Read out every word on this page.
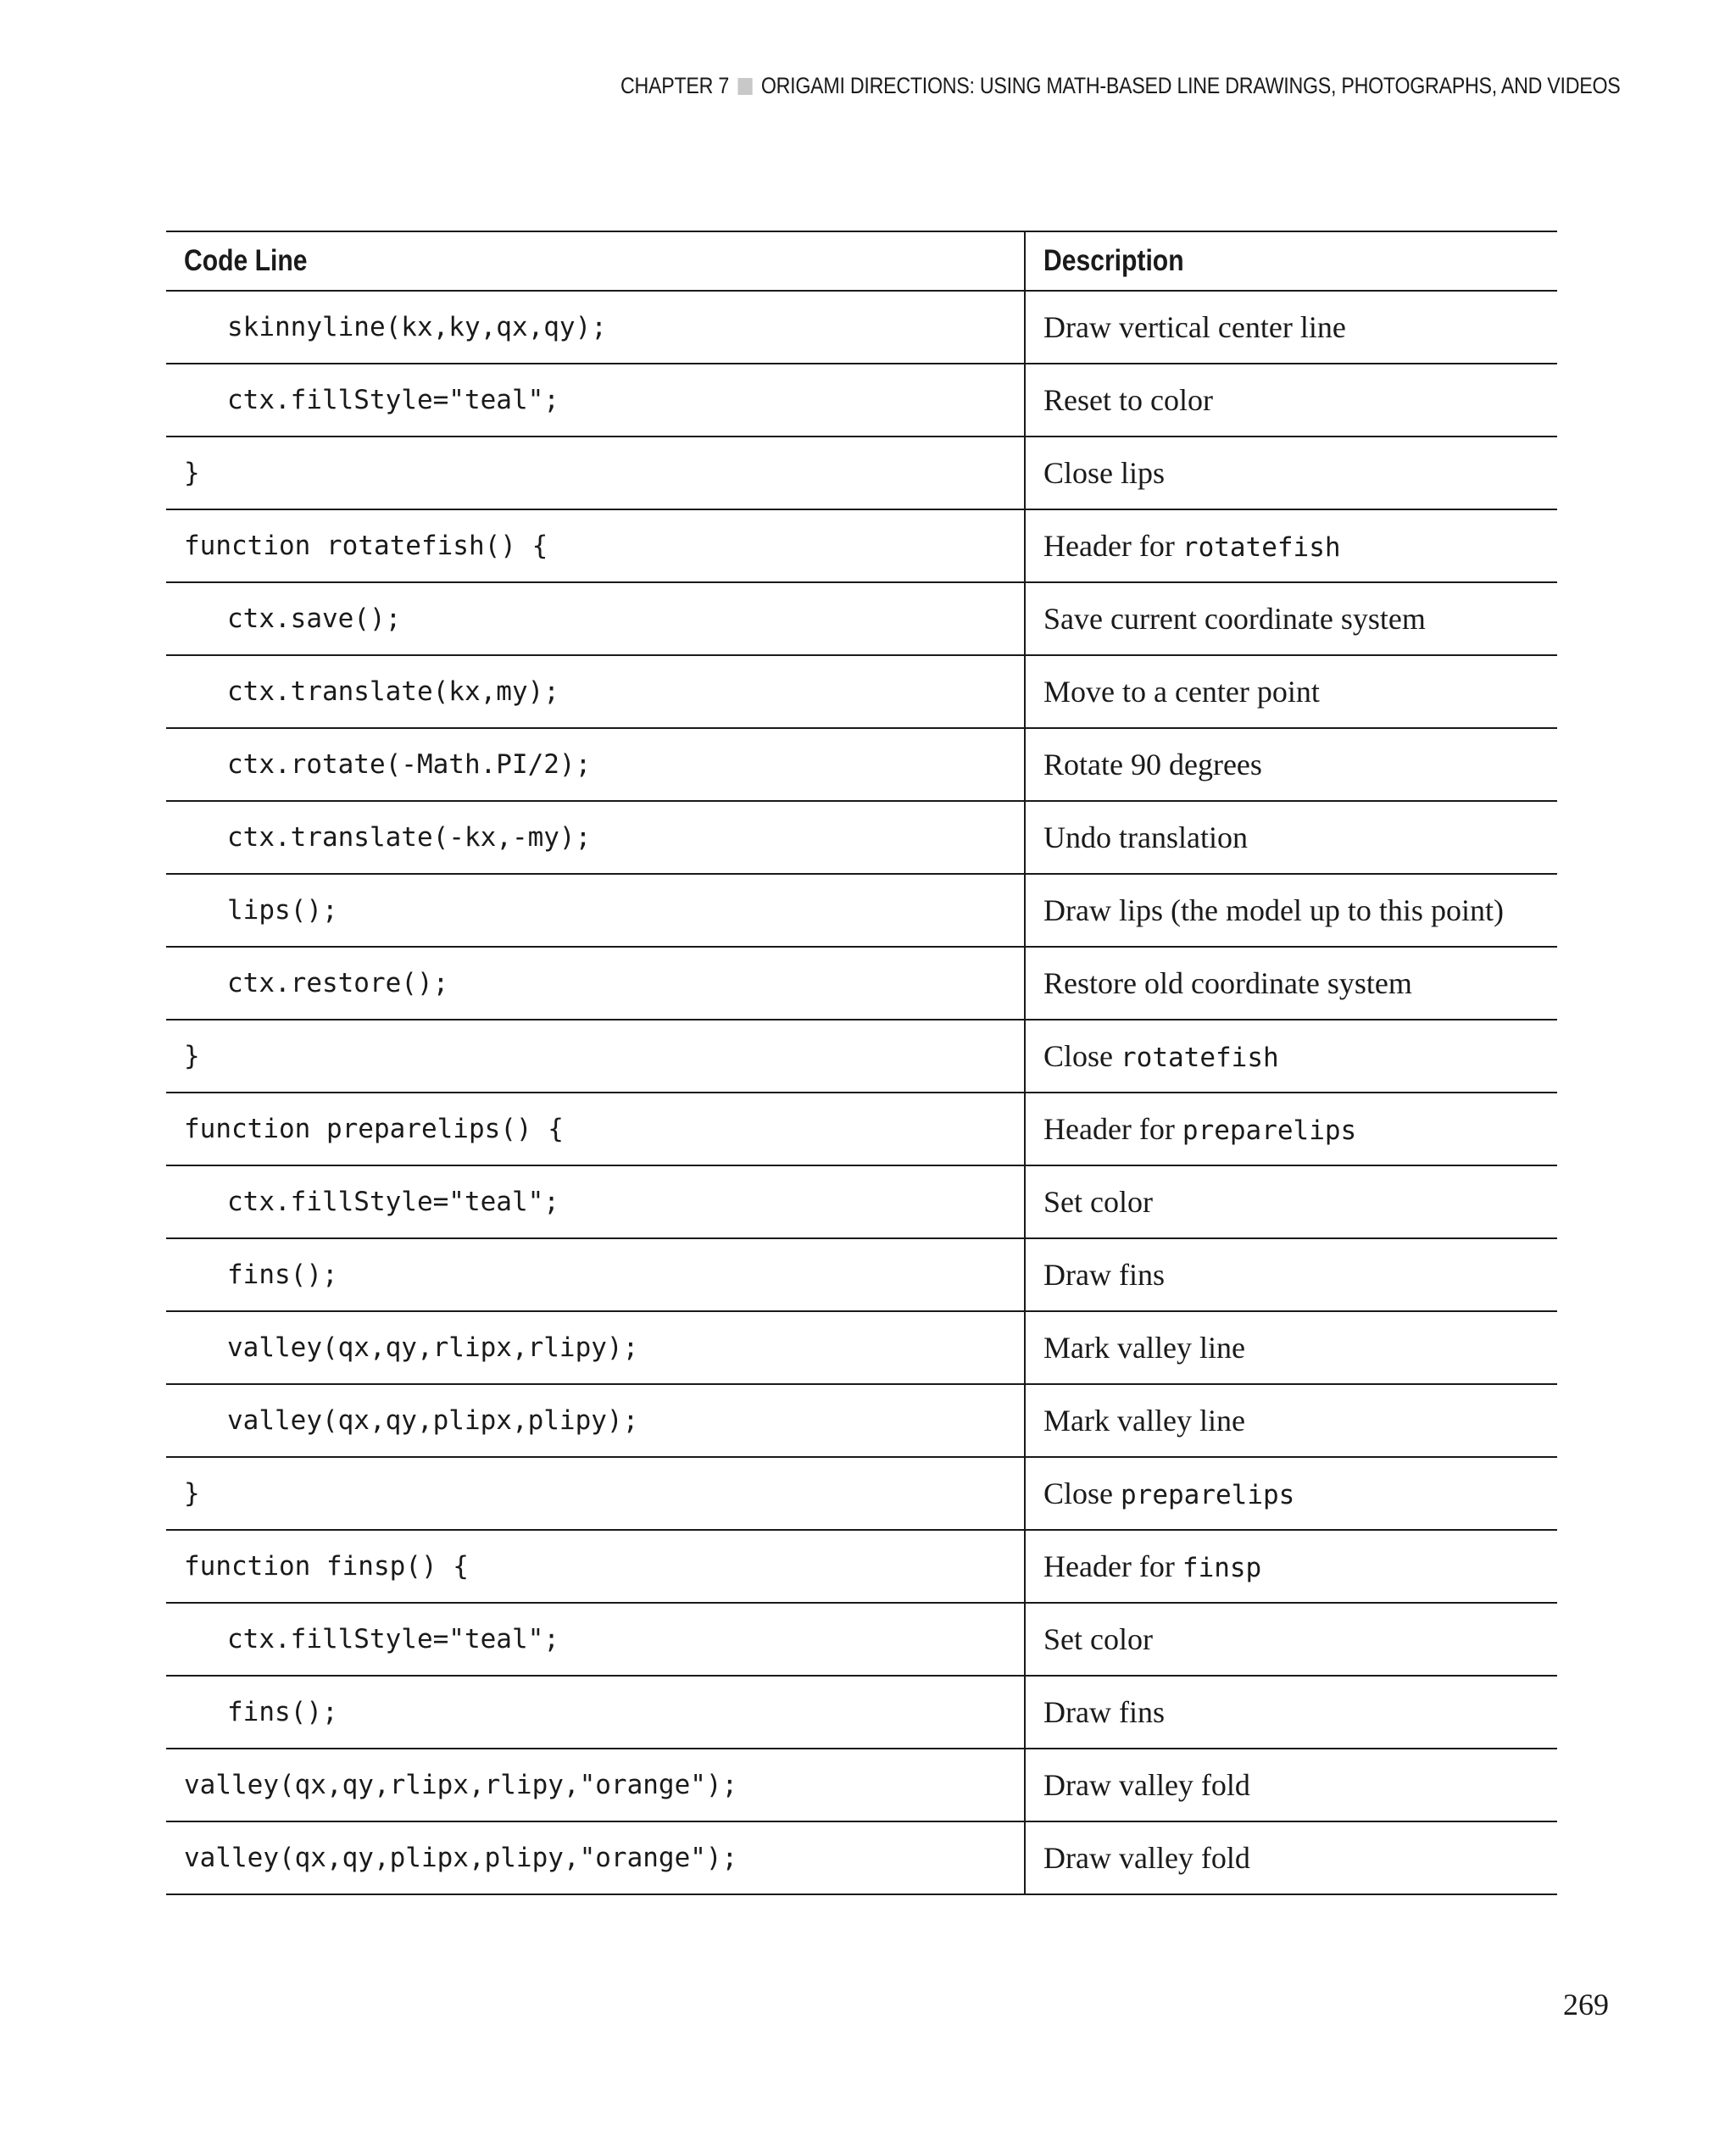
CHAPTER 7 ORIGAMI DIRECTIONS: USING MATH-BASED LINE DRAWINGS, PHOTOGRAPHS, AND VIDEOS
Code Line	Description
skinnyline(kx,ky,qx,qy);	Draw vertical center line
ctx.fillStyle="teal";	Reset to color
}	Close lips
function rotatefish() {	Header for rotatefish
ctx.save();	Save current coordinate system
ctx.translate(kx,my);	Move to a center point
ctx.rotate(-Math.PI/2);	Rotate 90 degrees
ctx.translate(-kx,-my);	Undo translation
lips();	Draw lips (the model up to this point)
ctx.restore();	Restore old coordinate system
}	Close rotatefish
function preparelips() {	Header for preparelips
ctx.fillStyle="teal";	Set color
fins();	Draw fins
valley(qx,qy,rlipx,rlipy);	Mark valley line
valley(qx,qy,plipx,plipy);	Mark valley line
}	Close preparelips
function finsp() {	Header for finsp
ctx.fillStyle="teal";	Set color
fins();	Draw fins
valley(qx,qy,rlipx,rlipy,"orange");	Draw valley fold
valley(qx,qy,plipx,plipy,"orange");	Draw valley fold
269
